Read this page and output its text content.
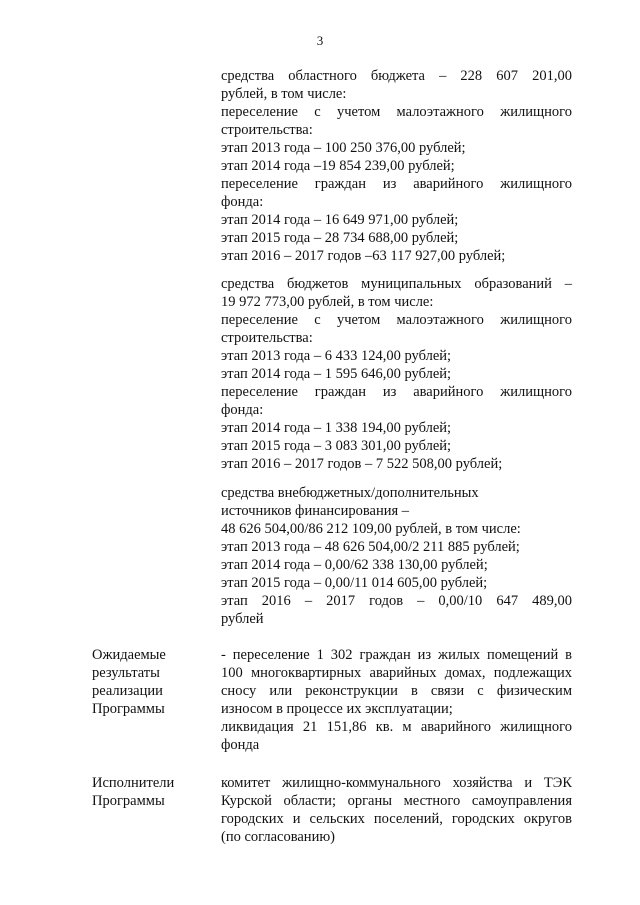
3
средства областного бюджета – 228 607 201,00
рублей, в том числе:
переселение с учетом малоэтажного жилищного
строительства:
этап 2013 года – 100 250 376,00 рублей;
этап 2014 года –19 854 239,00 рублей;
переселение граждан из аварийного жилищного
фонда:
этап 2014 года – 16 649 971,00 рублей;
этап 2015 года – 28 734 688,00 рублей;
этап 2016 – 2017 годов –63 117 927,00 рублей;
средства бюджетов муниципальных образований –
19 972 773,00 рублей, в том числе:
переселение с учетом малоэтажного жилищного
строительства:
этап 2013 года – 6 433 124,00 рублей;
этап 2014 года – 1 595 646,00 рублей;
переселение граждан из аварийного жилищного
фонда:
этап 2014 года – 1 338 194,00 рублей;
этап 2015 года – 3 083 301,00 рублей;
этап 2016 – 2017 годов – 7 522 508,00 рублей;
средства внебюджетных/дополнительных
источников финансирования –
48 626 504,00/86 212 109,00 рублей, в том числе:
этап 2013 года – 48 626 504,00/2 211 885 рублей;
этап 2014 года – 0,00/62 338 130,00 рублей;
этап 2015 года – 0,00/11 014 605,00 рублей;
этап 2016 – 2017 годов – 0,00/10 647 489,00
рублей
Ожидаемые
результаты
реализации
Программы
- переселение 1 302 граждан из жилых помещений в
100 многоквартирных аварийных домах, подлежащих
сносу или реконструкции в связи с физическим
износом в процессе их эксплуатации;
ликвидация 21 151,86 кв. м аварийного жилищного
фонда
Исполнители
Программы
комитет жилищно-коммунального хозяйства и ТЭК
Курской области; органы местного самоуправления
городских и сельских поселений, городских округов
(по согласованию)
